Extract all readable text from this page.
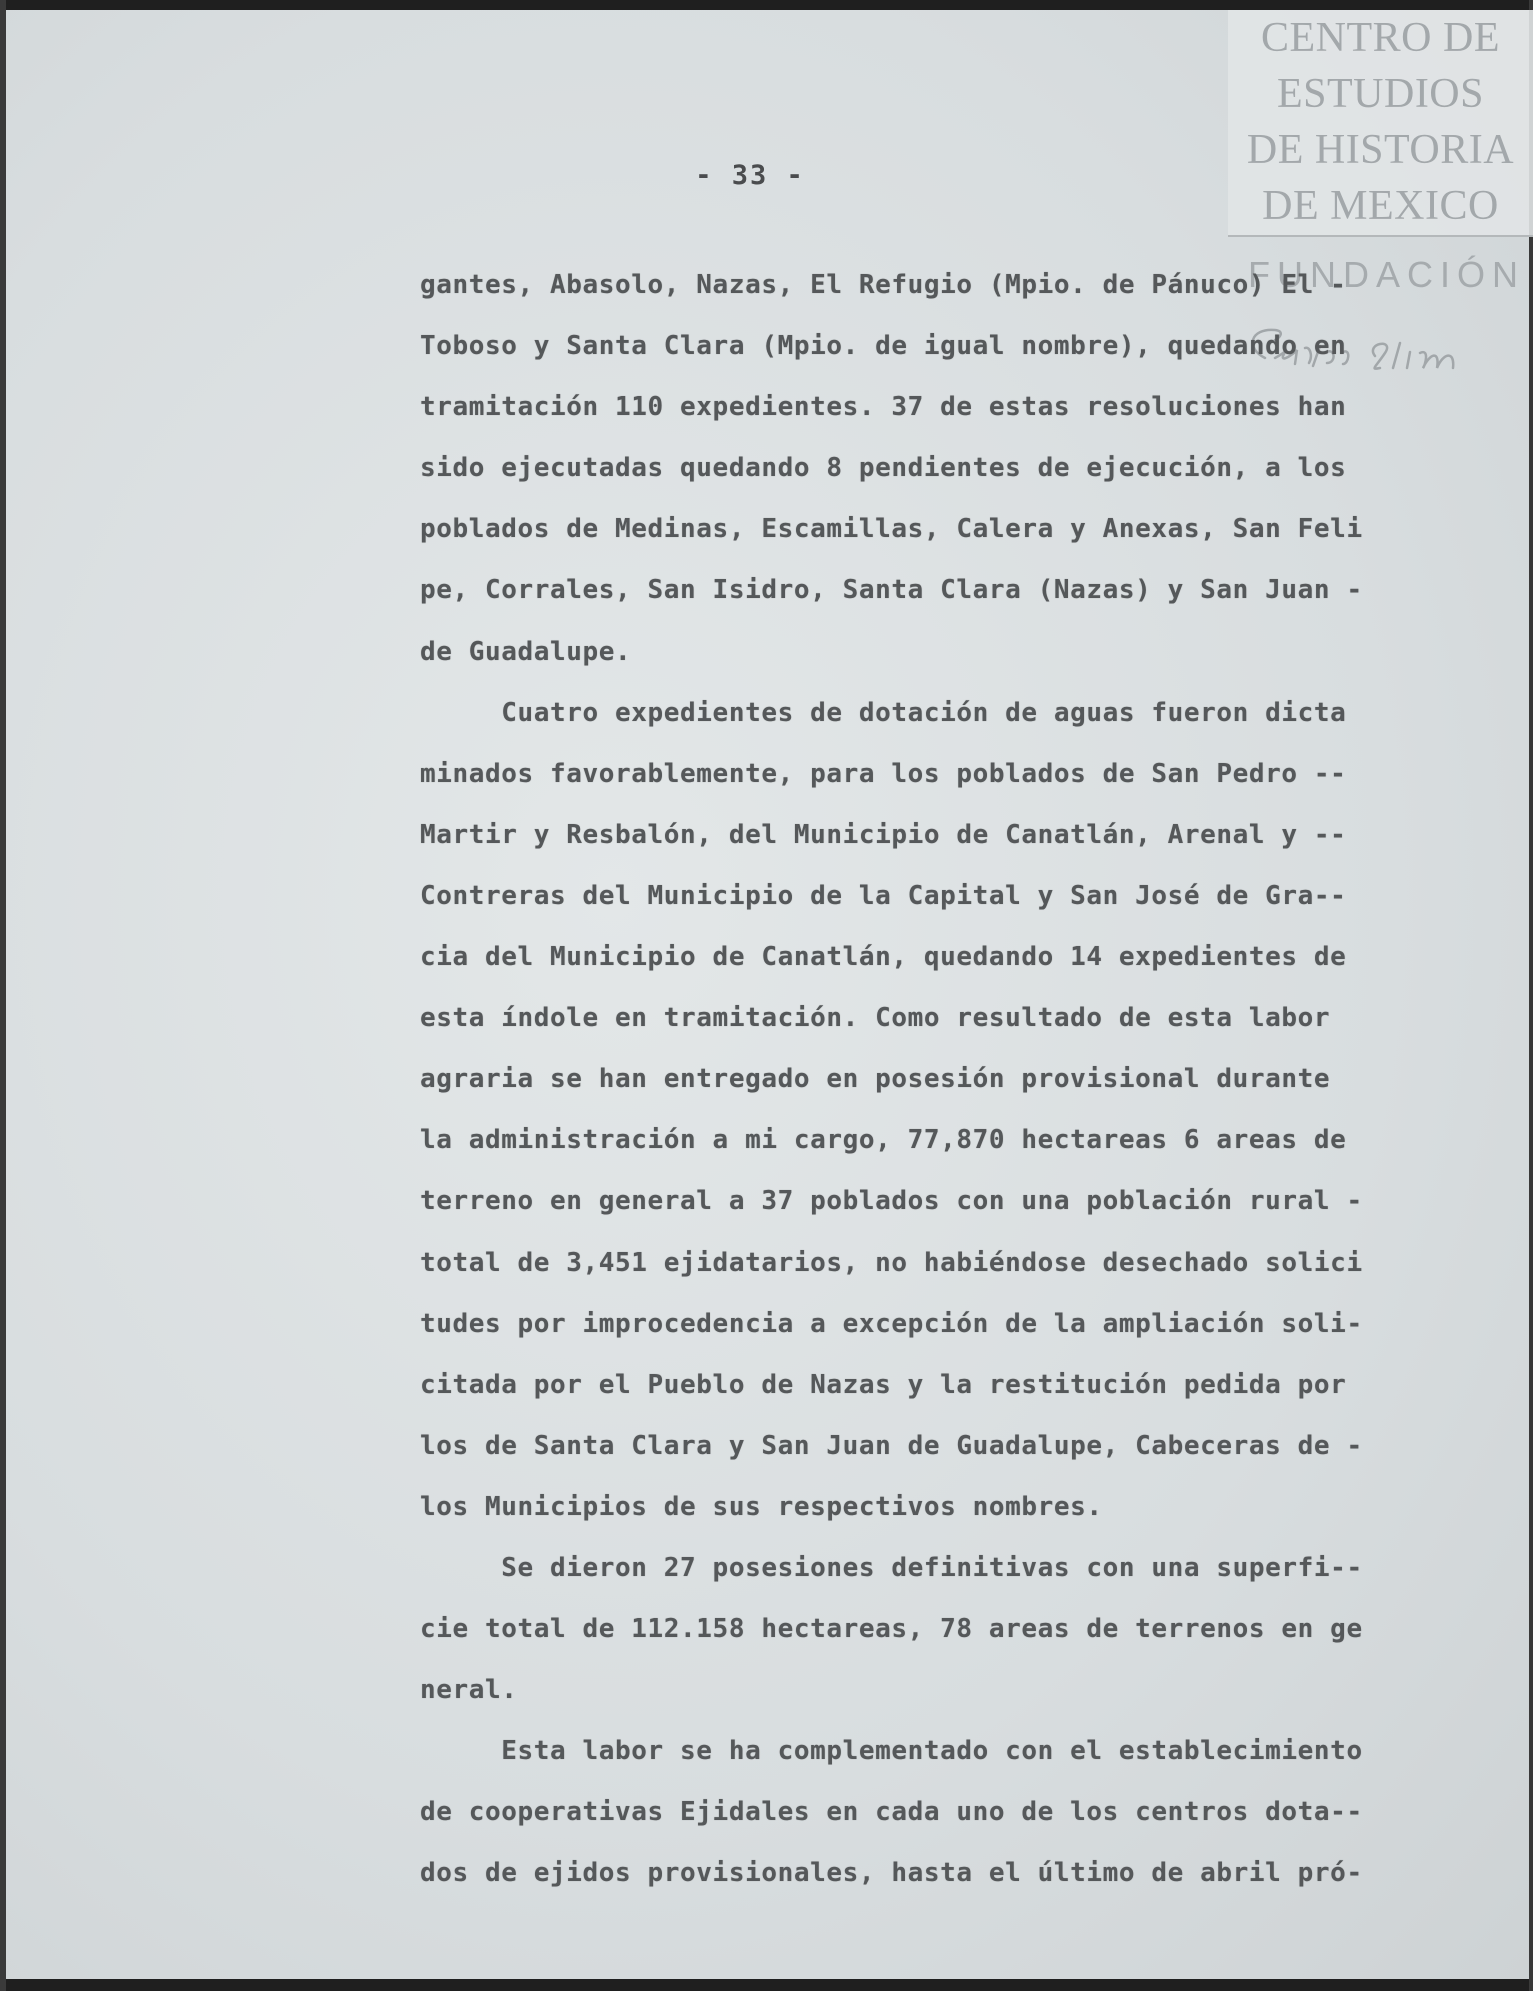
CENTRO DE
ESTUDIOS
DE HISTORIA
DE MEXICO
FUNDACIÓN
- 33 -
gantes, Abasolo, Nazas, El Refugio (Mpio. de Pánuco) El -
Toboso y Santa Clara (Mpio. de igual nombre), quedando en
tramitación 110 expedientes. 37 de estas resoluciones han
sido ejecutadas quedando 8 pendientes de ejecución, a los
poblados de Medinas, Escamillas, Calera y Anexas, San Feli
pe, Corrales, San Isidro, Santa Clara (Nazas) y San Juan -
de Guadalupe.
Cuatro expedientes de dotación de aguas fueron dicta
minados favorablemente, para los poblados de San Pedro --
Martir y Resbalón, del Municipio de Canatlán, Arenal y --
Contreras del Municipio de la Capital y San José de Gra--
cia del Municipio de Canatlán, quedando 14 expedientes de
esta índole en tramitación. Como resultado de esta labor
agraria se han entregado en posesión provisional durante
la administración a mi cargo, 77,870 hectareas 6 areas de
terreno en general a 37 poblados con una población rural -
total de 3,451 ejidatarios, no habiéndose desechado solici
tudes por improcedencia a excepción de la ampliación soli-
citada por el Pueblo de Nazas y la restitución pedida por
los de Santa Clara y San Juan de Guadalupe, Cabeceras de -
los Municipios de sus respectivos nombres.
Se dieron 27 posesiones definitivas con una superfi--
cie total de 112.158 hectareas, 78 areas de terrenos en ge
neral.
Esta labor se ha complementado con el establecimiento
de cooperativas Ejidales en cada uno de los centros dota--
dos de ejidos provisionales, hasta el último de abril pró-
